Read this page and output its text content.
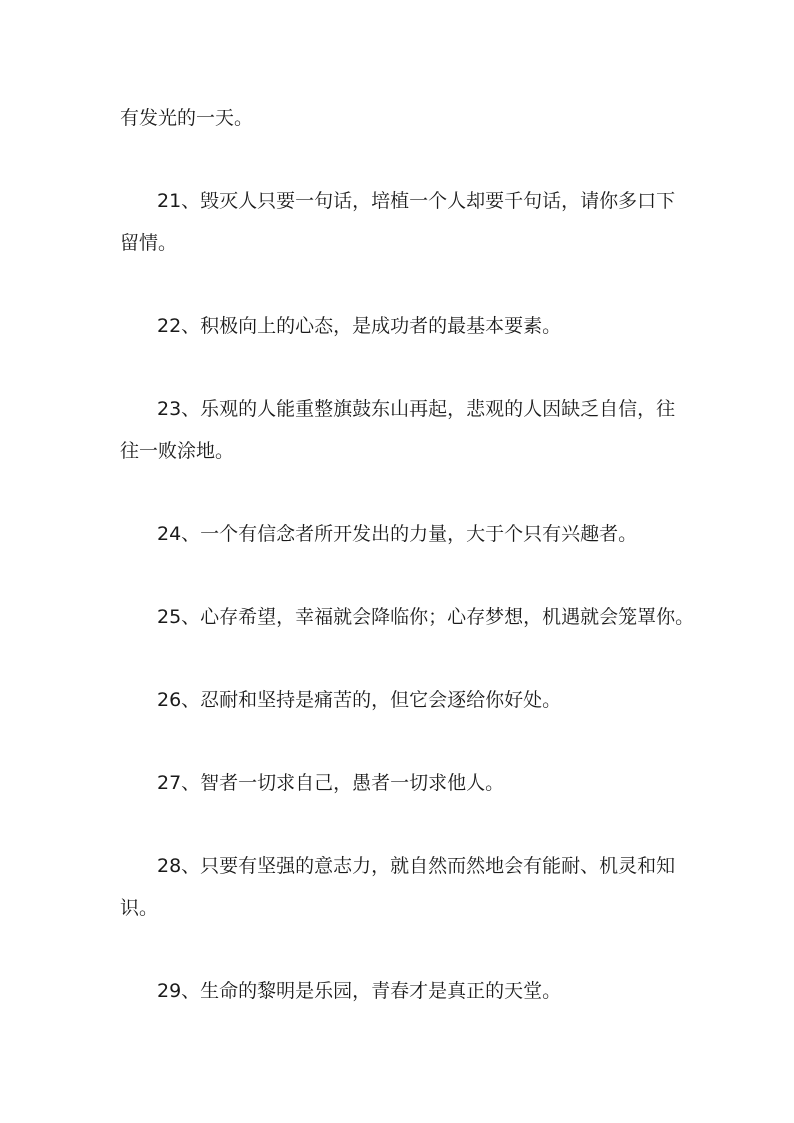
有发光的一天。
21、毁灭人只要一句话，培植一个人却要千句话，请你多口下
留情。
22、积极向上的心态，是成功者的最基本要素。
23、乐观的人能重整旗鼓东山再起，悲观的人因缺乏自信，往
往一败涂地。
24、一个有信念者所开发出的力量，大于个只有兴趣者。
25、心存希望，幸福就会降临你；心存梦想，机遇就会笼罩你。
26、忍耐和坚持是痛苦的，但它会逐给你好处。
27、智者一切求自己，愚者一切求他人。
28、只要有坚强的意志力，就自然而然地会有能耐、机灵和知
识。
29、生命的黎明是乐园，青春才是真正的天堂。
